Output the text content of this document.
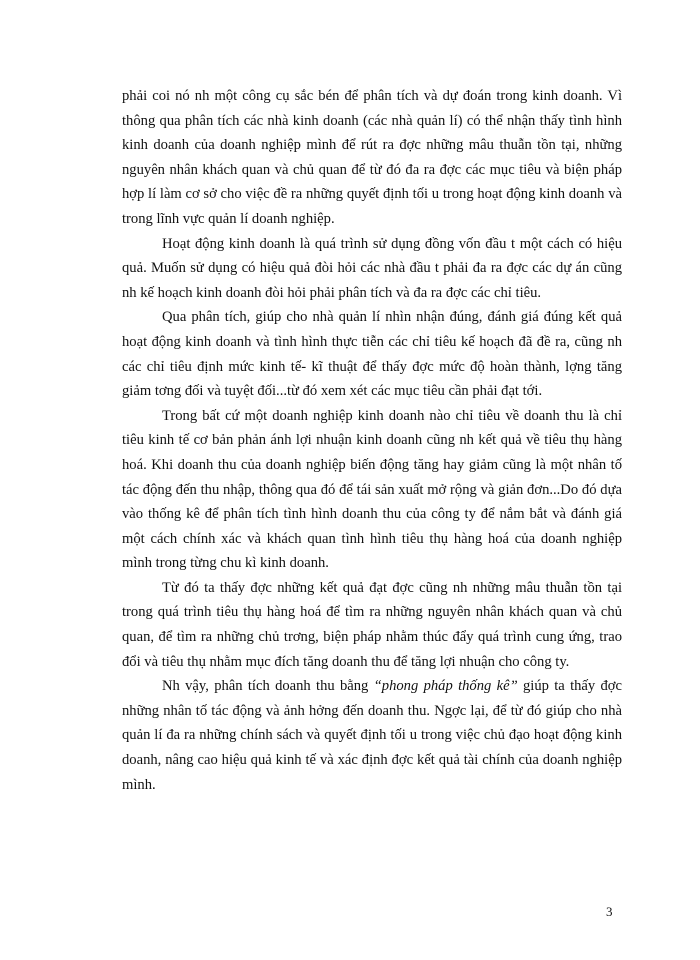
phải coi nó nh một công cụ sắc bén để phân tích và dự đoán trong kinh doanh. Vì thông qua phân tích các nhà kinh doanh (các nhà quản lí) có thể nhận thấy tình hình kinh doanh của doanh nghiệp mình để rút ra đợc những mâu thuẫn tồn tại, những nguyên nhân khách quan và chủ quan để từ đó đa ra đợc các mục tiêu và biện pháp hợp lí làm cơ sở cho việc đề ra những quyết định tối u trong hoạt động kinh doanh và trong lĩnh vực quản lí doanh nghiệp.

Hoạt động kinh doanh là quá trình sử dụng đồng vốn đầu t một cách có hiệu quả. Muốn sử dụng có hiệu quả đòi hỏi các nhà đầu t phải đa ra đợc các dự án cũng nh kế hoạch kinh doanh đòi hỏi phải phân tích và đa ra đợc các chỉ tiêu.

Qua phân tích, giúp cho nhà quản lí nhìn nhận đúng, đánh giá đúng kết quả hoạt động kinh doanh và tình hình thực tiễn các chỉ tiêu kế hoạch đã đề ra, cũng nh các chỉ tiêu định mức kinh tế- kĩ thuật để thấy đợc mức độ hoàn thành, lợng tăng giảm tơng đối và tuyệt đối...từ đó xem xét các mục tiêu cần phải đạt tới.

Trong bất cứ một doanh nghiệp kinh doanh nào chỉ tiêu về doanh thu là chỉ tiêu kinh tế cơ bản phản ánh lợi nhuận kinh doanh cũng nh kết quả về tiêu thụ hàng hoá. Khi doanh thu của doanh nghiệp biến động tăng hay giảm cũng là một nhân tố tác động đến thu nhập, thông qua đó để tái sản xuất mở rộng và giản đơn...Do đó dựa vào thống kê để phân tích tình hình doanh thu của công ty để nắm bắt và đánh giá một cách chính xác và khách quan tình hình tiêu thụ hàng hoá của doanh nghiệp mình trong từng chu kì kinh doanh.

Từ đó ta thấy đợc những kết quả đạt đợc cũng nh những mâu thuẫn tồn tại trong quá trình tiêu thụ hàng hoá để tìm ra những nguyên nhân khách quan và chủ quan, để tìm ra những chủ trơng, biện pháp nhằm thúc đẩy quá trình cung ứng, trao đổi và tiêu thụ nhằm mục đích tăng doanh thu để tăng lợi nhuận cho công ty.

Nh vậy, phân tích doanh thu bằng “phong pháp thống kê” giúp ta thấy đợc những nhân tố tác động và ảnh hởng đến doanh thu. Ngợc lại, để từ đó giúp cho nhà quản lí đa ra những chính sách và quyết định tối u trong việc chủ đạo hoạt động kinh doanh, nâng cao hiệu quả kinh tế và xác định đợc kết quả tài chính của doanh nghiệp mình.

3
